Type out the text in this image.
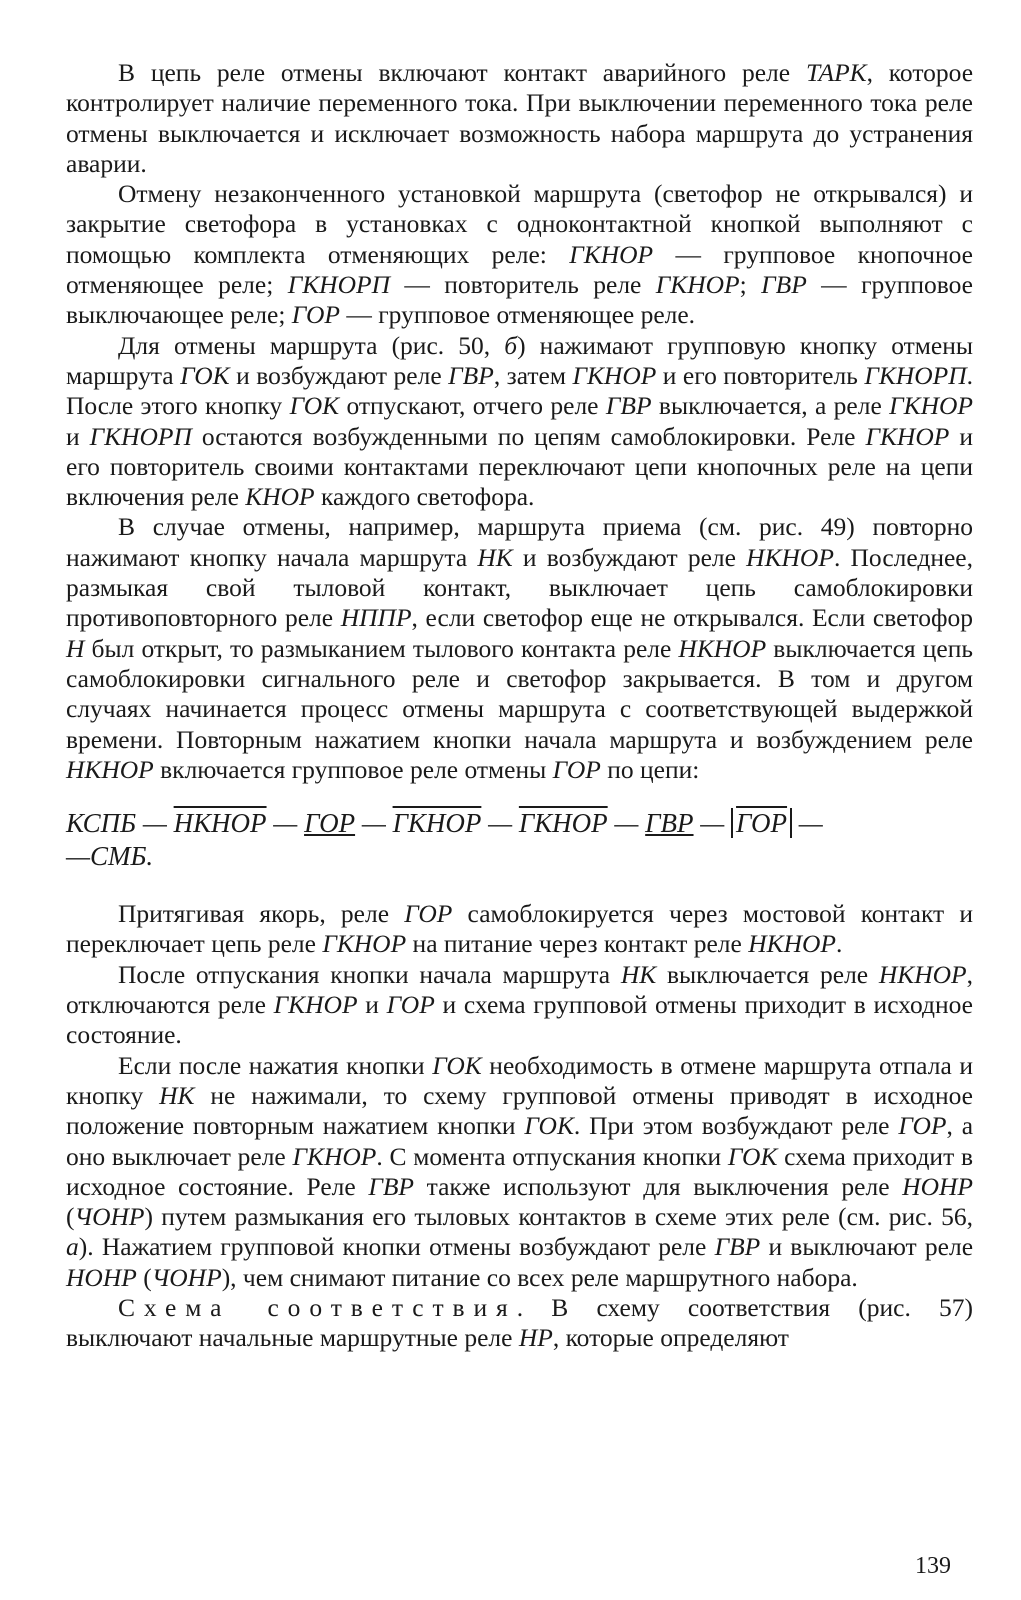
В цепь реле отмены включают контакт аварийного реле ТАРК, которое контролирует наличие переменного тока. При выключении переменного тока реле отмены выключается и исключает возможность набора маршрута до устранения аварии.

Отмену незаконченного установкой маршрута (светофор не открывался) и закрытие светофора в установках с одноконтактной кнопкой выполняют с помощью комплекта отменяющих реле: ГКНОР — групповое кнопочное отменяющее реле; ГКНОРП — повторитель реле ГКНОР; ГВР — групповое выключающее реле; ГОР — групповое отменяющее реле.

Для отмены маршрута (рис. 50, б) нажимают групповую кнопку отмены маршрута ГОК и возбуждают реле ГВР, затем ГКНОР и его повторитель ГКНОРП. После этого кнопку ГОК отпускают, отчего реле ГВР выключается, а реле ГКНОР и ГКНОРП остаются возбужденными по цепям самоблокировки. Реле ГКНОР и его повторитель своими контактами переключают цепи кнопочных реле на цепи включения реле КНОР каждого светофора.

В случае отмены, например, маршрута приема (см. рис. 49) повторно нажимают кнопку начала маршрута НК и возбуждают реле НКНОР. Последнее, размыкая свой тыловой контакт, выключает цепь самоблокировки противоповторного реле НППР, если светофор еще не открывался. Если светофор Н был открыт, то размыканием тылового контакта реле НКНОР выключается цепь самоблокировки сигнального реле и светофор закрывается. В том и другом случаях начинается процесс отмены маршрута с соответствующей выдержкой времени. Повторным нажатием кнопки начала маршрута и возбуждением реле НКНОР включается групповое реле отмены ГОР по цепи:

КСПБ — НКНОР — ГОР — ГКНОР — ГКНОР — ГВР — ГОР —
—СМБ.

Притягивая якорь, реле ГОР самоблокируется через мостовой контакт и переключает цепь реле ГКНОР на питание через контакт реле НКНОР.

После отпускания кнопки начала маршрута НК выключается реле НКНОР, отключаются реле ГКНОР и ГОР и схема групповой отмены приходит в исходное состояние.

Если после нажатия кнопки ГОК необходимость в отмене маршрута отпала и кнопку НК не нажимали, то схему групповой отмены приводят в исходное положение повторным нажатием кнопки ГОК. При этом возбуждают реле ГОР, а оно выключает реле ГКНОР. С момента отпускания кнопки ГОК схема приходит в исходное состояние. Реле ГВР также используют для выключения реле НОНР (ЧОНР) путем размыкания его тыловых контактов в схеме этих реле (см. рис. 56, а). Нажатием групповой кнопки отмены возбуждают реле ГВР и выключают реле НОНР (ЧОНР), чем снимают питание со всех реле маршрутного набора.

Схема соответствия. В схему соответствия (рис. 57) выключают начальные маршрутные реле НР, которые определяют

139
